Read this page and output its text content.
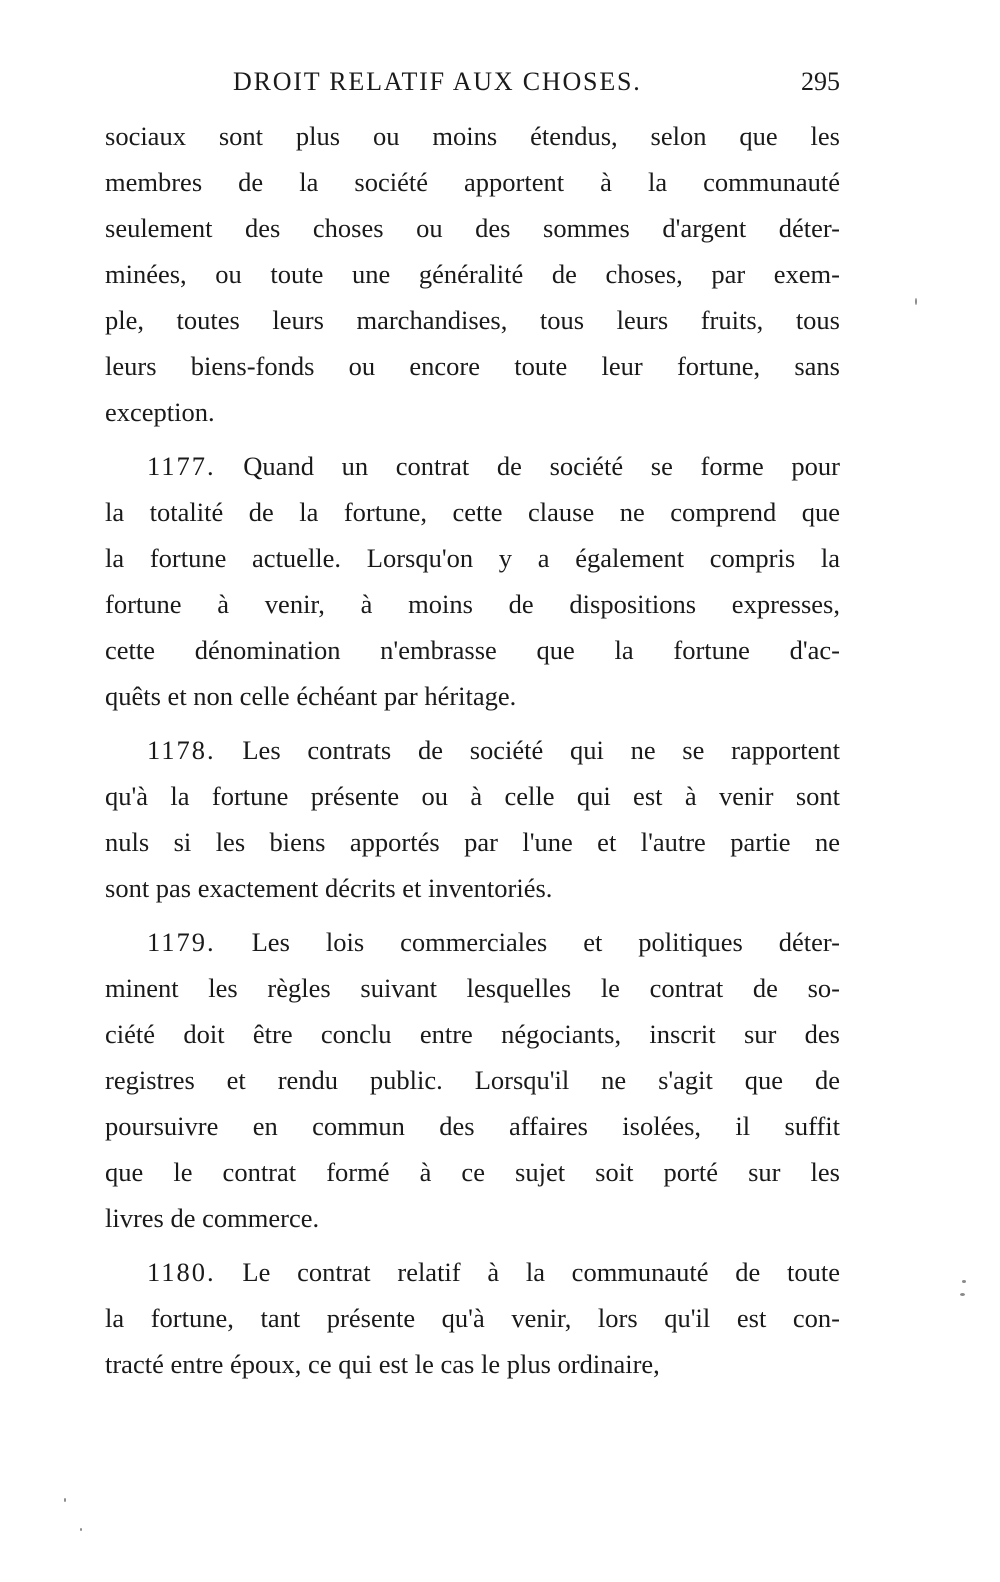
DROIT RELATIF AUX CHOSES.	295
sociaux sont plus ou moins étendus, selon que les
membres de la société apportent à la communauté
seulement des choses ou des sommes d'argent déter-
minées, ou toute une généralité de choses, par exem-
ple, toutes leurs marchandises, tous leurs fruits, tous
leurs biens-fonds ou encore toute leur fortune, sans
exception.
1177. Quand un contrat de société se forme pour
la totalité de la fortune, cette clause ne comprend que
la fortune actuelle. Lorsqu'on y a également compris la
fortune à venir, à moins de dispositions expresses,
cette dénomination n'embrasse que la fortune d'ac-
quêts et non celle échéant par héritage.
1178. Les contrats de société qui ne se rapportent
qu'à la fortune présente ou à celle qui est à venir sont
nuls si les biens apportés par l'une et l'autre partie ne
sont pas exactement décrits et inventoriés.
1179. Les lois commerciales et politiques déter-
minent les règles suivant lesquelles le contrat de so-
ciété doit être conclu entre négociants, inscrit sur des
registres et rendu public. Lorsqu'il ne s'agit que de
poursuivre en commun des affaires isolées, il suffit
que le contrat formé à ce sujet soit porté sur les
livres de commerce.
1180. Le contrat relatif à la communauté de toute
la fortune, tant présente qu'à venir, lors qu'il est con-
tracté entre époux, ce qui est le cas le plus ordinaire,
